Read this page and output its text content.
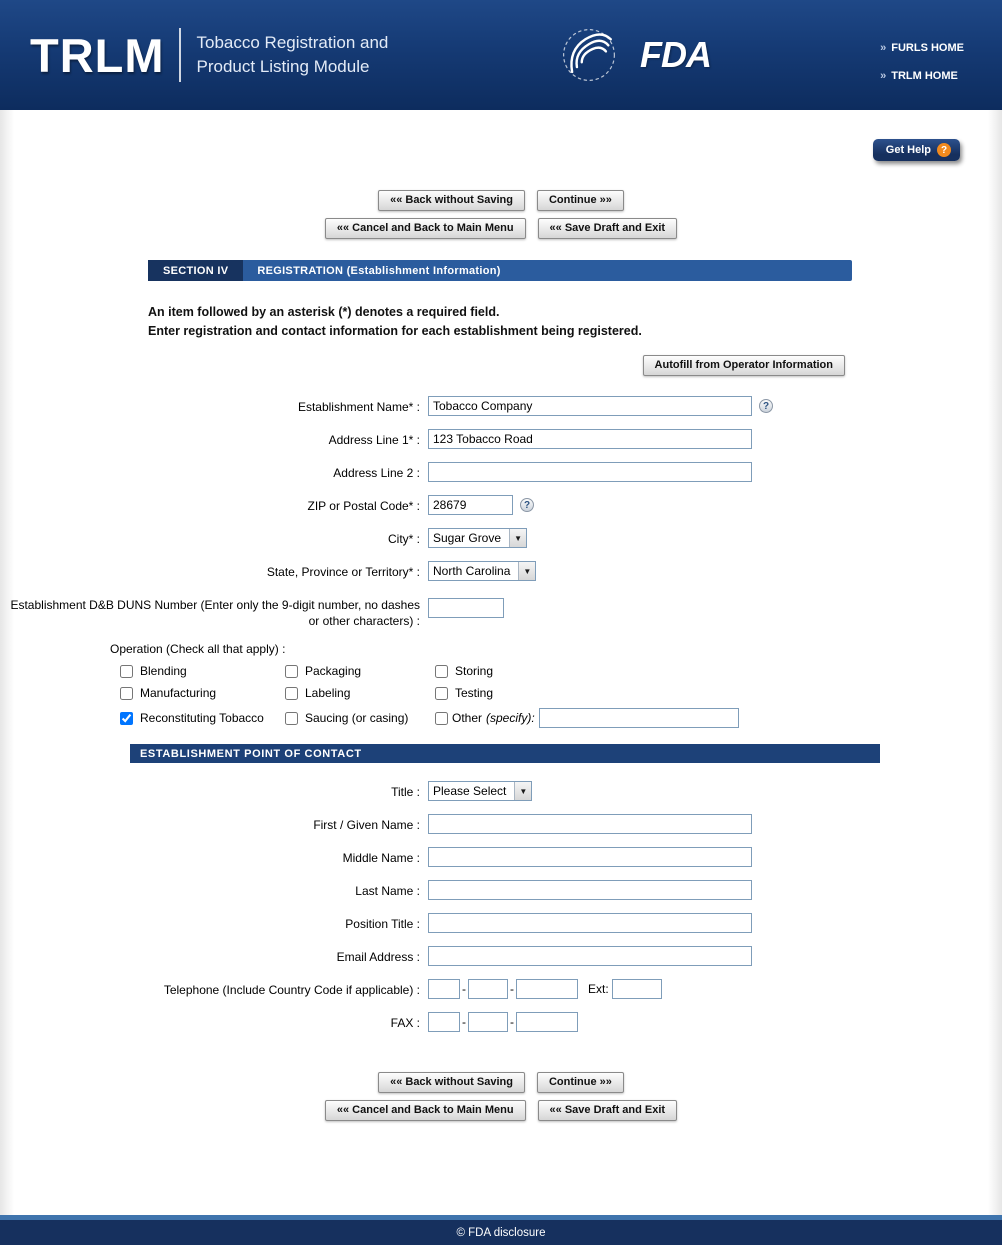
TRLM Tobacco Registration and
Product Listing Module	FDA	» FURLS HOME
» TRLM HOME
Get Help ?
«« Back without Saving	Continue »»
«« Cancel and Back to Main Menu	«« Save Draft and Exit
SECTION IV	REGISTRATION (Establishment Information)
An item followed by an asterisk (*) denotes a required field.
Enter registration and contact information for each establishment being registered.
Autofill from Operator Information
Establishment Name* :
Tobacco Company	?
Address Line 1* :
123 Tobacco Road
Address Line 2 :
ZIP or Postal Code* :
28679	?
City* :	Sugar Grove	▼
State, Province or Territory* :	North Carolina	▼
Establishment D&B DUNS Number (Enter only the 9-digit number, no dashes or other characters) :
Operation (Check all that apply) :
Blending	Packaging	Storing
Manufacturing	Labeling	Testing
Reconstituting Tobacco	Saucing (or casing)	Other (specify):
ESTABLISHMENT POINT OF CONTACT
Title :	Please Select	▼
First / Given Name :
Middle Name :
Last Name :
Position Title :
Email Address :
Telephone (Include Country Code if applicable) :	-	-	Ext:
FAX :	-	-
«« Back without Saving	Continue »»
«« Cancel and Back to Main Menu	«« Save Draft and Exit
© FDA disclosure
